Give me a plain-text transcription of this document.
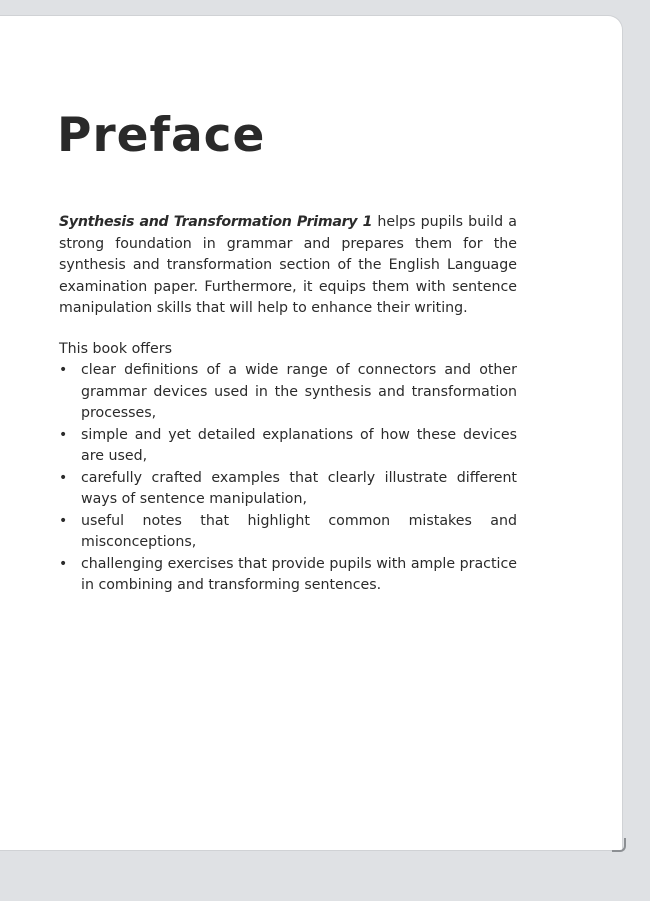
Preface

Synthesis and Transformation Primary 1 helps pupils build a strong foundation in grammar and prepares them for the synthesis and transformation section of the English Language examination paper. Furthermore, it equips them with sentence manipulation skills that will help to enhance their writing.

This book offers

• clear definitions of a wide range of connectors and other grammar devices used in the synthesis and transformation processes,
• simple and yet detailed explanations of how these devices are used,
• carefully crafted examples that clearly illustrate different ways of sentence manipulation,
• useful notes that highlight common mistakes and misconceptions,
• challenging exercises that provide pupils with ample practice in combining and transforming sentences.
